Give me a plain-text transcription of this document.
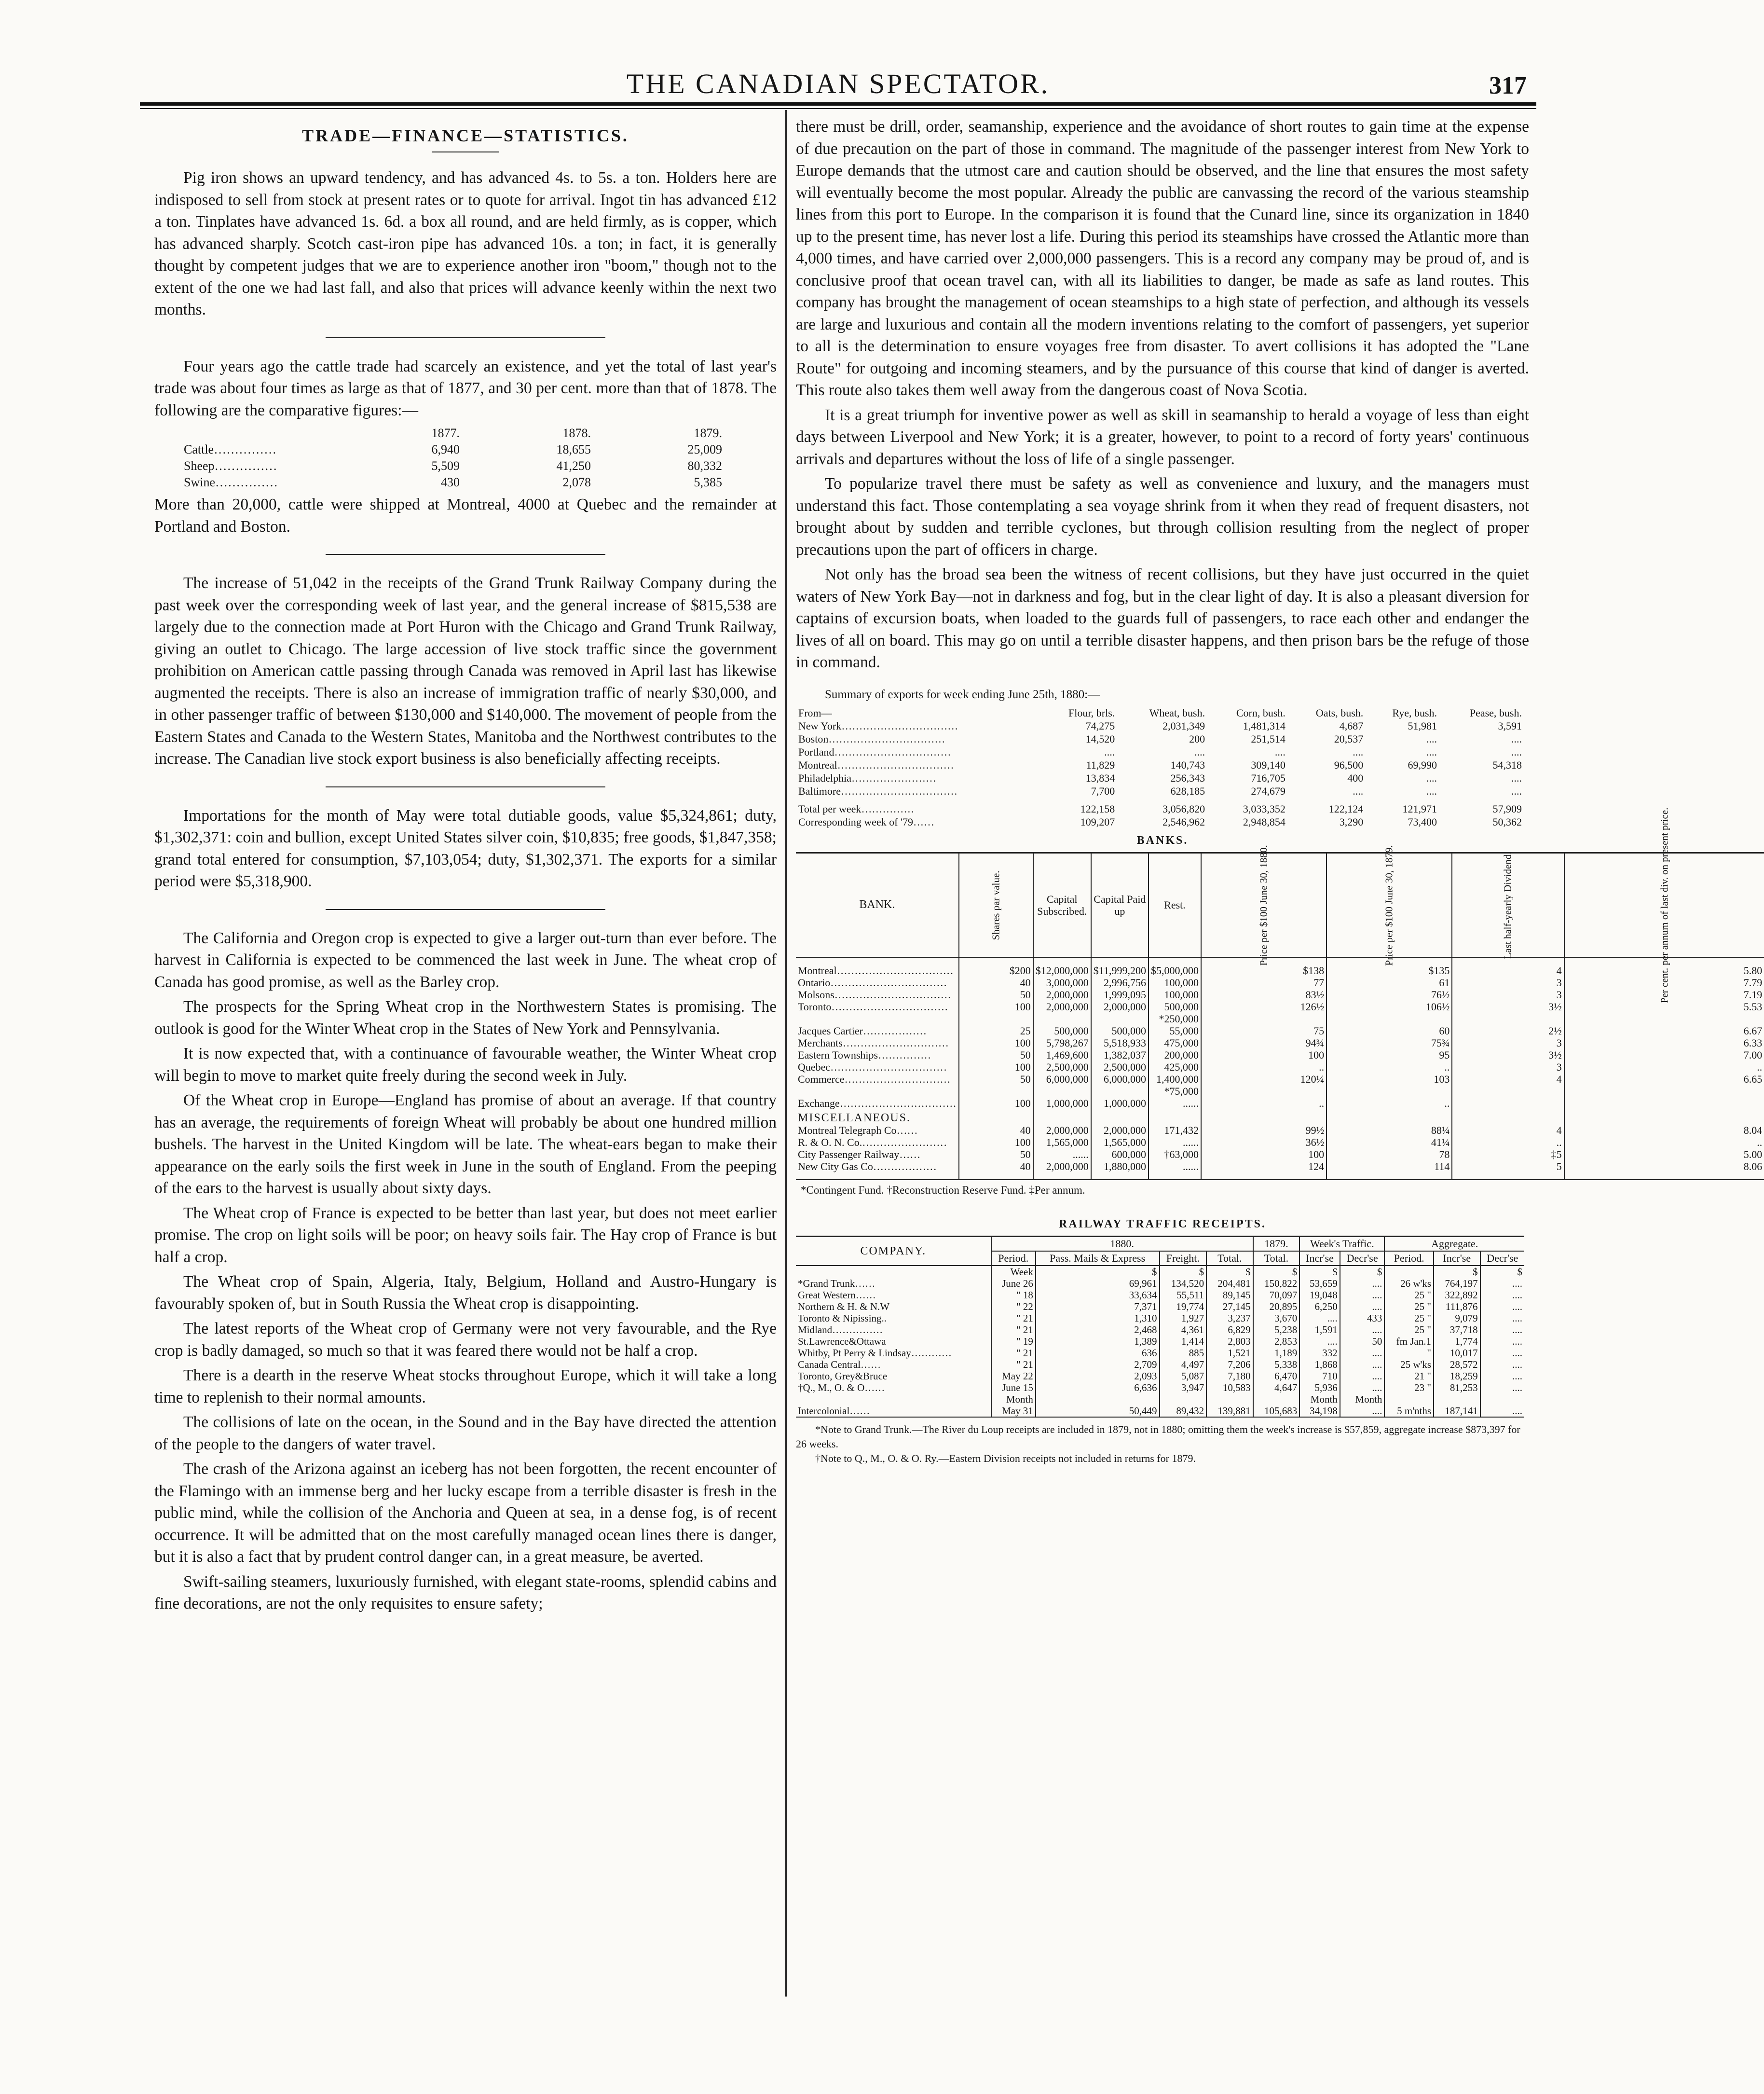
THE CANADIAN SPECTATOR.	317
TRADE—FINANCE—STATISTICS.

Pig iron shows an upward tendency, and has advanced 4s. to 5s. a ton. Holders here are indisposed to sell from stock at present rates or to quote for arrival. Ingot tin has advanced £12 a ton. Tinplates have advanced 1s. 6d. a box all round, and are held firmly, as is copper, which has advanced sharply. Scotch cast-iron pipe has advanced 10s. a ton; in fact, it is generally thought by competent judges that we are to experience another iron "boom," though not to the extent of the one we had last fall, and also that prices will advance keenly within the next two months.

Four years ago the cattle trade had scarcely an existence, and yet the total of last year's trade was about four times as large as that of 1877, and 30 per cent. more than that of 1878. The following are the comparative figures:—

	1877.	1878.	1879.
Cattle……………	6,940	18,655	25,009
Sheep……………	5,509	41,250	80,332
Swine……………	430	2,078	5,385

More than 20,000, cattle were shipped at Montreal, 4000 at Quebec and the remainder at Portland and Boston.

The increase of 51,042 in the receipts of the Grand Trunk Railway Company during the past week over the corresponding week of last year, and the general increase of $815,538 are largely due to the connection made at Port Huron with the Chicago and Grand Trunk Railway, giving an outlet to Chicago. The large accession of live stock traffic since the government prohibition on American cattle passing through Canada was removed in April last has likewise augmented the receipts. There is also an increase of immigration traffic of nearly $30,000, and in other passenger traffic of between $130,000 and $140,000. The movement of people from the Eastern States and Canada to the Western States, Manitoba and the Northwest contributes to the increase. The Canadian live stock export business is also beneficially affecting receipts.

Importations for the month of May were total dutiable goods, value $5,324,861; duty, $1,302,371: coin and bullion, except United States silver coin, $10,835; free goods, $1,847,358; grand total entered for consumption, $7,103,054; duty, $1,302,371. The exports for a similar period were $5,318,900.

The California and Oregon crop is expected to give a larger out-turn than ever before. The harvest in California is expected to be commenced the last week in June. The wheat crop of Canada has good promise, as well as the Barley crop.

The prospects for the Spring Wheat crop in the Northwestern States is promising. The outlook is good for the Winter Wheat crop in the States of New York and Pennsylvania.

It is now expected that, with a continuance of favourable weather, the Winter Wheat crop will begin to move to market quite freely during the second week in July.

Of the Wheat crop in Europe—England has promise of about an average. If that country has an average, the requirements of foreign Wheat will probably be about one hundred million bushels. The harvest in the United Kingdom will be late. The wheat-ears began to make their appearance on the early soils the first week in June in the south of England. From the peeping of the ears to the harvest is usually about sixty days.

The Wheat crop of France is expected to be better than last year, but does not meet earlier promise. The crop on light soils will be poor; on heavy soils fair. The Hay crop of France is but half a crop.

The Wheat crop of Spain, Algeria, Italy, Belgium, Holland and Austro-Hungary is favourably spoken of, but in South Russia the Wheat crop is disappointing.

The latest reports of the Wheat crop of Germany were not very favourable, and the Rye crop is badly damaged, so much so that it was feared there would not be half a crop.

There is a dearth in the reserve Wheat stocks throughout Europe, which it will take a long time to replenish to their normal amounts.

The collisions of late on the ocean, in the Sound and in the Bay have directed the attention of the people to the dangers of water travel.

The crash of the Arizona against an iceberg has not been forgotten, the recent encounter of the Flamingo with an immense berg and her lucky escape from a terrible disaster is fresh in the public mind, while the collision of the Anchoria and Queen at sea, in a dense fog, is of recent occurrence. It will be admitted that on the most carefully managed ocean lines there is danger, but it is also a fact that by prudent control danger can, in a great measure, be averted.

Swift-sailing steamers, luxuriously furnished, with elegant state-rooms, splendid cabins and fine decorations, are not the only requisites to ensure safety;

there must be drill, order, seamanship, experience and the avoidance of short routes to gain time at the expense of due precaution on the part of those in command. The magnitude of the passenger interest from New York to Europe demands that the utmost care and caution should be observed, and the line that ensures the most safety will eventually become the most popular. Already the public are canvassing the record of the various steamship lines from this port to Europe. In the comparison it is found that the Cunard line, since its organization in 1840 up to the present time, has never lost a life. During this period its steamships have crossed the Atlantic more than 4,000 times, and have carried over 2,000,000 passengers. This is a record any company may be proud of, and is conclusive proof that ocean travel can, with all its liabilities to danger, be made as safe as land routes. This company has brought the management of ocean steamships to a high state of perfection, and although its vessels are large and luxurious and contain all the modern inventions relating to the comfort of passengers, yet superior to all is the determination to ensure voyages free from disaster. To avert collisions it has adopted the "Lane Route" for outgoing and incoming steamers, and by the pursuance of this course that kind of danger is averted. This route also takes them well away from the dangerous coast of Nova Scotia.

It is a great triumph for inventive power as well as skill in seamanship to herald a voyage of less than eight days between Liverpool and New York; it is a greater, however, to point to a record of forty years' continuous arrivals and departures without the loss of life of a single passenger.

To popularize travel there must be safety as well as convenience and luxury, and the managers must understand this fact. Those contemplating a sea voyage shrink from it when they read of frequent disasters, not brought about by sudden and terrible cyclones, but through collision resulting from the neglect of proper precautions upon the part of officers in charge.

Not only has the broad sea been the witness of recent collisions, but they have just occurred in the quiet waters of New York Bay—not in darkness and fog, but in the clear light of day. It is also a pleasant diversion for captains of excursion boats, when loaded to the guards full of passengers, to race each other and endanger the lives of all on board. This may go on until a terrible disaster happens, and then prison bars be the refuge of those in command.

Summary of exports for week ending June 25th, 1880:—
From—	Flour, brls.	Wheat, bush.	Corn, bush.	Oats, bush.	Rye, bush.	Pease, bush.
New York……………………………	74,275	2,031,349	1,481,314	4,687	51,981	3,591
Boston……………………………	14,520	200	251,514	20,537	....	....
Portland……………………………	....	....	....	....	....	....
Montreal……………………………	11,829	140,743	309,140	96,500	69,990	54,318
Philadelphia……………………	13,834	256,343	716,705	400	....	....
Baltimore……………………………	7,700	628,185	274,679	....	....	....
Total per week……………	122,158	3,056,820	3,033,352	122,124	121,971	57,909
Corresponding week of '79……	109,207	2,546,962	2,948,854	3,290	73,400	50,362
BANKS.
BANK.	Shares par value.	Capital Subscribed.	Capital Paid up	Rest.	Price per $100 June 30, 1880.	Price per $100 June 30, 1879.	Last half-yearly Dividend.	Per cent. per annum of last div. on present price.

Montreal……………………………	$200	$12,000,000	$11,999,200	$5,000,000	$138	$135	4	5.80
Ontario……………………………	40	3,000,000	2,996,756	100,000	77	61	3	7.79
Molsons……………………………	50	2,000,000	1,999,095	100,000	83½	76½	3	7.19
Toronto……………………………	100	2,000,000	2,000,000	500,000	126½	106½	3½	5.53
				*250,000				
Jacques Cartier………………	25	500,000	500,000	55,000	75	60	2½	6.67
Merchants…………………………	100	5,798,267	5,518,933	475,000	94¾	75¾	3	6.33
Eastern Townships……………	50	1,469,600	1,382,037	200,000	100	95	3½	7.00
Quebec……………………………	100	2,500,000	2,500,000	425,000	..	..	3	..
Commerce…………………………	50	6,000,000	6,000,000	1,400,000	120¼	103	4	6.65
				*75,000				
Exchange……………………………	100	1,000,000	1,000,000	......	..	..		
MISCELLANEOUS.								
Montreal Telegraph Co……	40	2,000,000	2,000,000	171,432	99½	88¼	4	8.04
R. & O. N. Co.……………………	100	1,565,000	1,565,000	......	36½	41¼	..	..
City Passenger Railway……	50	......	600,000	†63,000	100	78	‡5	5.00
New City Gas Co………………	40	2,000,000	1,880,000	......	124	114	5	8.06

*Contingent Fund. †Reconstruction Reserve Fund. ‡Per annum.
RAILWAY TRAFFIC RECEIPTS.
COMPANY.	1880.				1879.	Week's Traffic.		Aggregate.		
	Period.	Pass. Mails & Express	Freight.	Total.	Total.	Incr'se	Decr'se	Period.	Incr'se	Decr'se
	Week	$	$	$	$	$	$		$	$
*Grand Trunk……	June 26	69,961	134,520	204,481	150,822	53,659	....	26 w'ks	764,197	....
Great Western……	" 18	33,634	55,511	89,145	70,097	19,048	....	25 "	322,892	....
Northern & H. & N.W	" 22	7,371	19,774	27,145	20,895	6,250	....	25 "	111,876	....
Toronto & Nipissing..	" 21	1,310	1,927	3,237	3,670	....	433	25 "	9,079	....
Midland……………	" 21	2,468	4,361	6,829	5,238	1,591	....	25 "	37,718	....
St.Lawrence&Ottawa	" 19	1,389	1,414	2,803	2,853	....	50	fm Jan.1	1,774	....
Whitby, Pt Perry & Lindsay…………	" 21	636	885	1,521	1,189	332	....	"	10,017	....
Canada Central……	" 21	2,709	4,497	7,206	5,338	1,868	....	25 w'ks	28,572	....
Toronto, Grey&Bruce	May 22	2,093	5,087	7,180	6,470	710	....	21 "	18,259	....
†Q., M., O. & O……	June 15	6,636	3,947	10,583	4,647	5,936	....	23 "	81,253	....
	Month					Month	Month			
Intercolonial……	May 31	50,449	89,432	139,881	105,683	34,198	....	5 m'nths	187,141	....

*Note to Grand Trunk.—The River du Loup receipts are included in 1879, not in 1880; omitting them the week's increase is $57,859, aggregate increase $873,397 for 26 weeks.

†Note to Q., M., O. & O. Ry.—Eastern Division receipts not included in returns for 1879.
